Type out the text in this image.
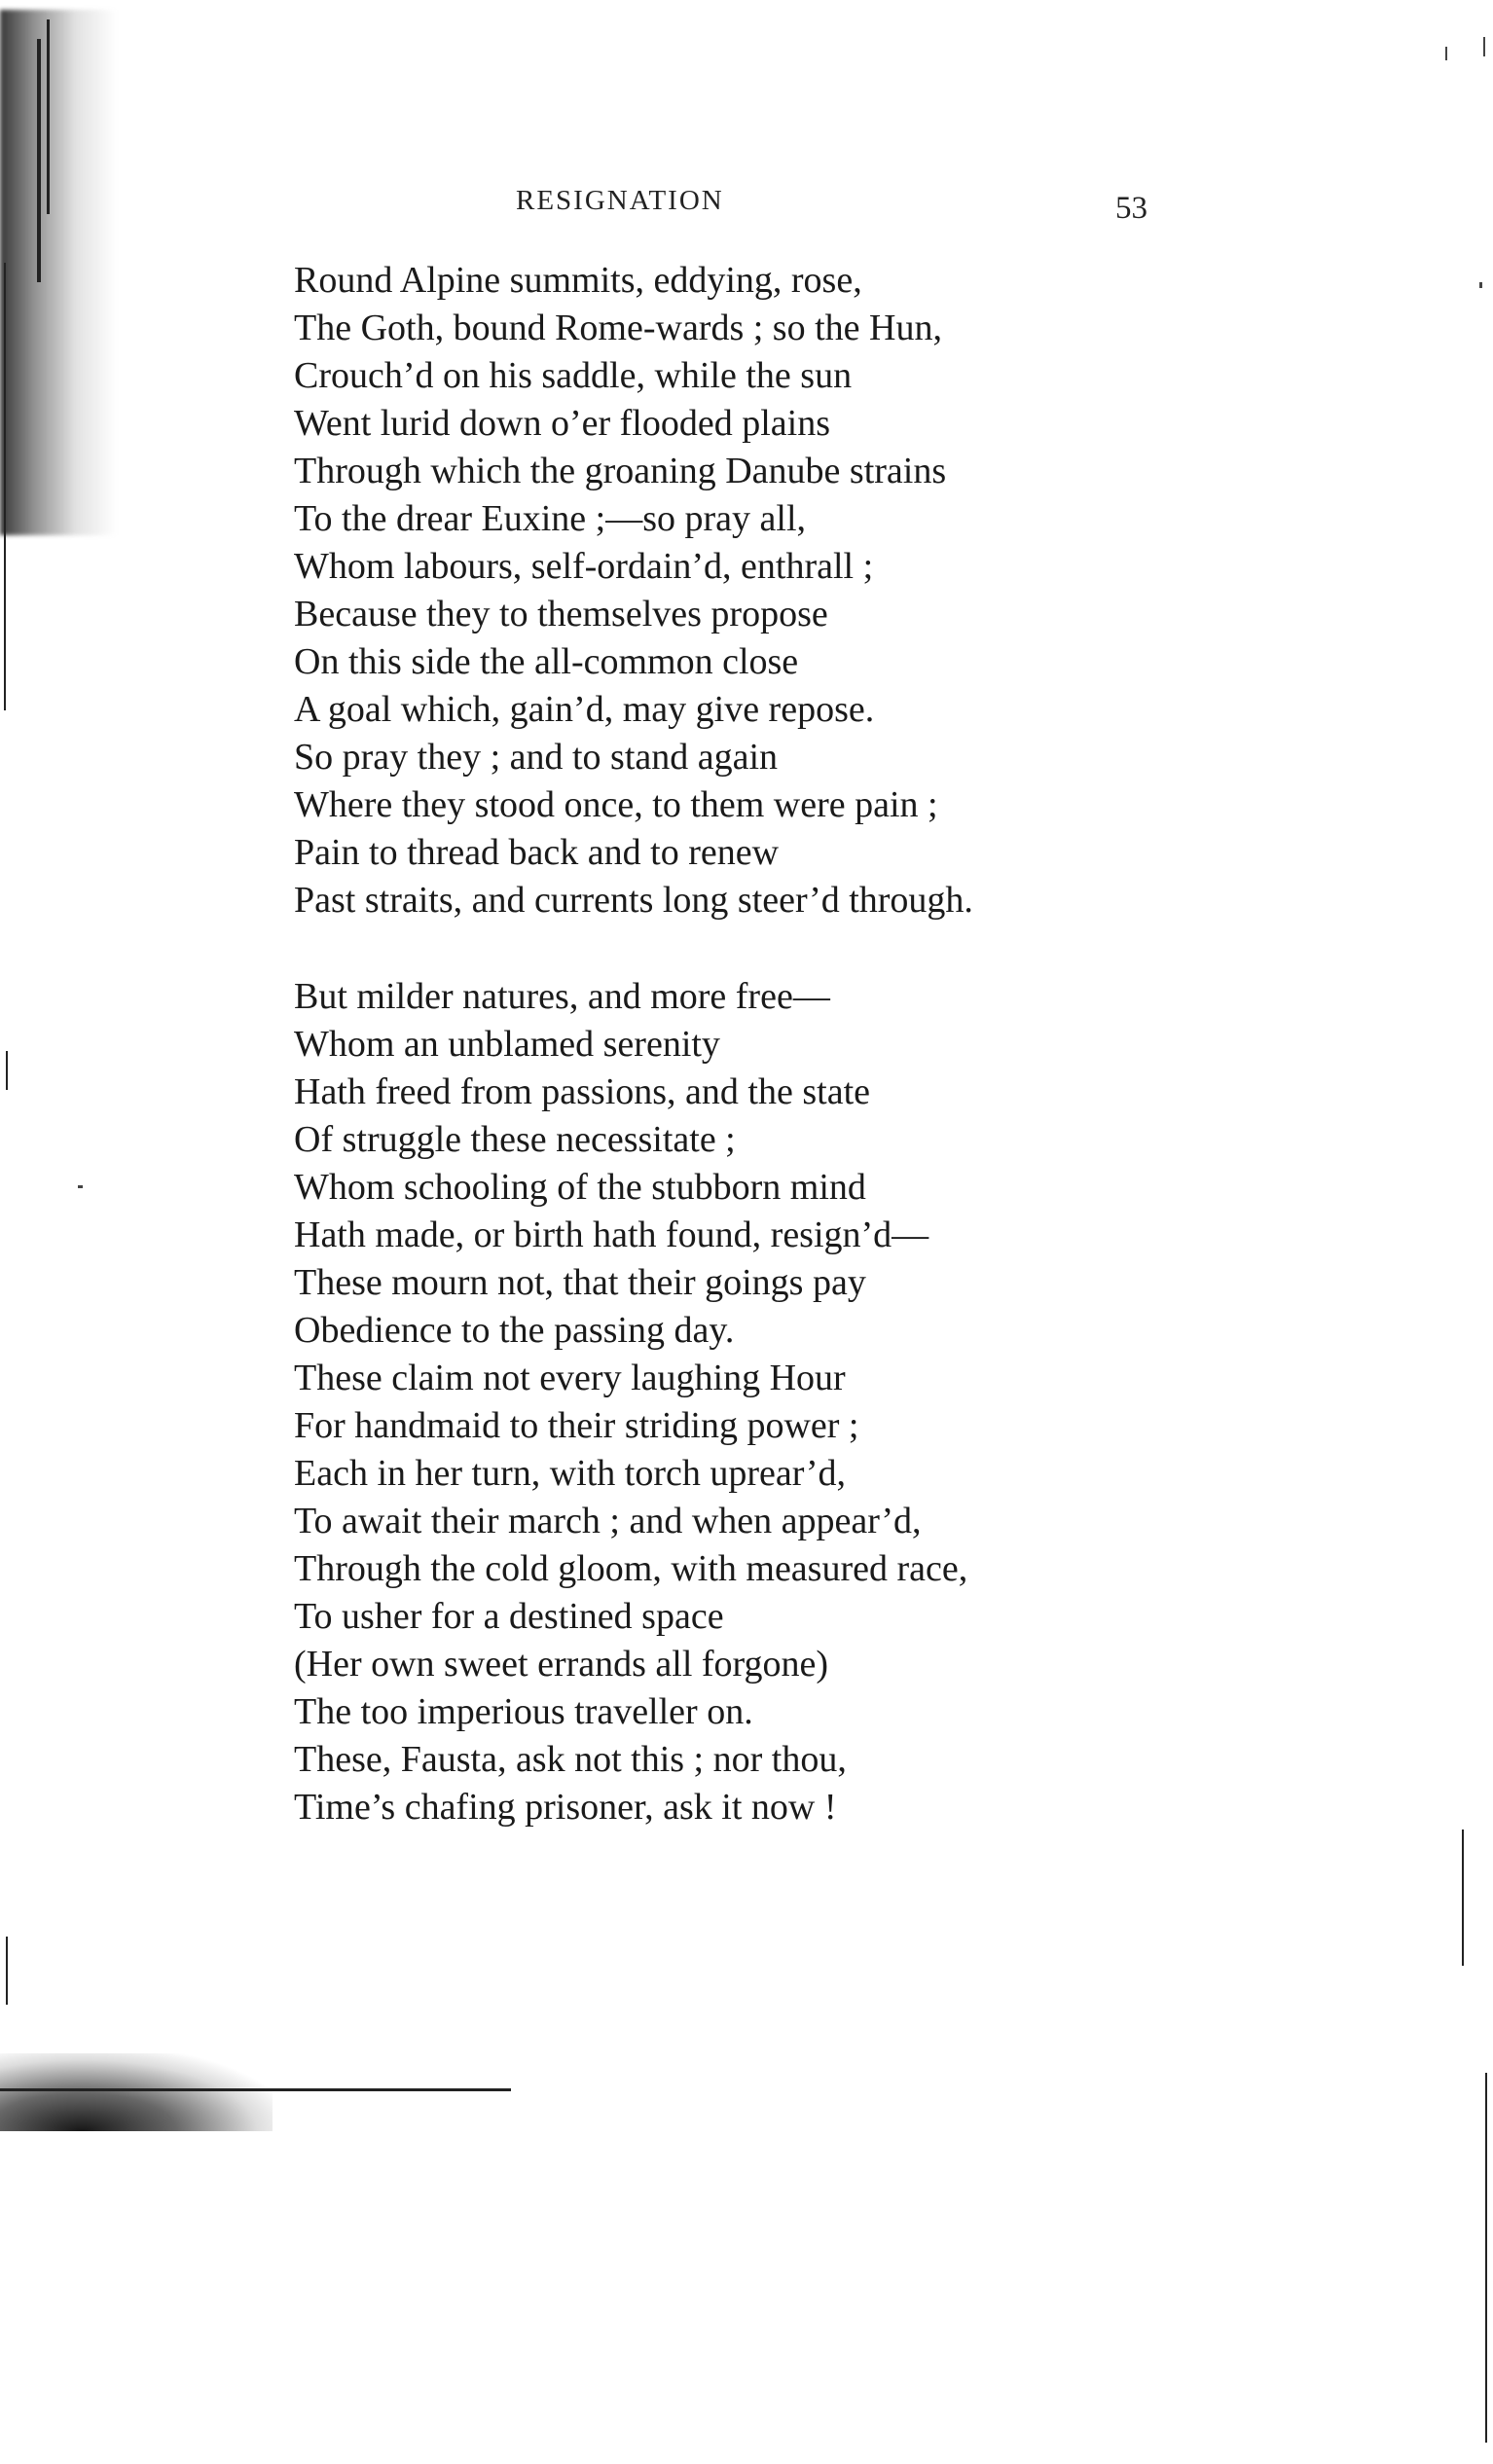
RESIGNATION	53
Round Alpine summits, eddying, rose,
The Goth, bound Rome-wards ; so the Hun,
Crouch’d on his saddle, while the sun
Went lurid down o’er flooded plains
Through which the groaning Danube strains
To the drear Euxine ;—so pray all,
Whom labours, self-ordain’d, enthrall ;
Because they to themselves propose
On this side the all-common close
A goal which, gain’d, may give repose.
So pray they ; and to stand again
Where they stood once, to them were pain ;
Pain to thread back and to renew
Past straits, and currents long steer’d through.
But milder natures, and more free—
Whom an unblamed serenity
Hath freed from passions, and the state
Of struggle these necessitate ;
Whom schooling of the stubborn mind
Hath made, or birth hath found, resign’d—
These mourn not, that their goings pay
Obedience to the passing day.
These claim not every laughing Hour
For handmaid to their striding power ;
Each in her turn, with torch uprear’d,
To await their march ; and when appear’d,
Through the cold gloom, with measured race,
To usher for a destined space
(Her own sweet errands all forgone)
The too imperious traveller on.
These, Fausta, ask not this ; nor thou,
Time’s chafing prisoner, ask it now !
